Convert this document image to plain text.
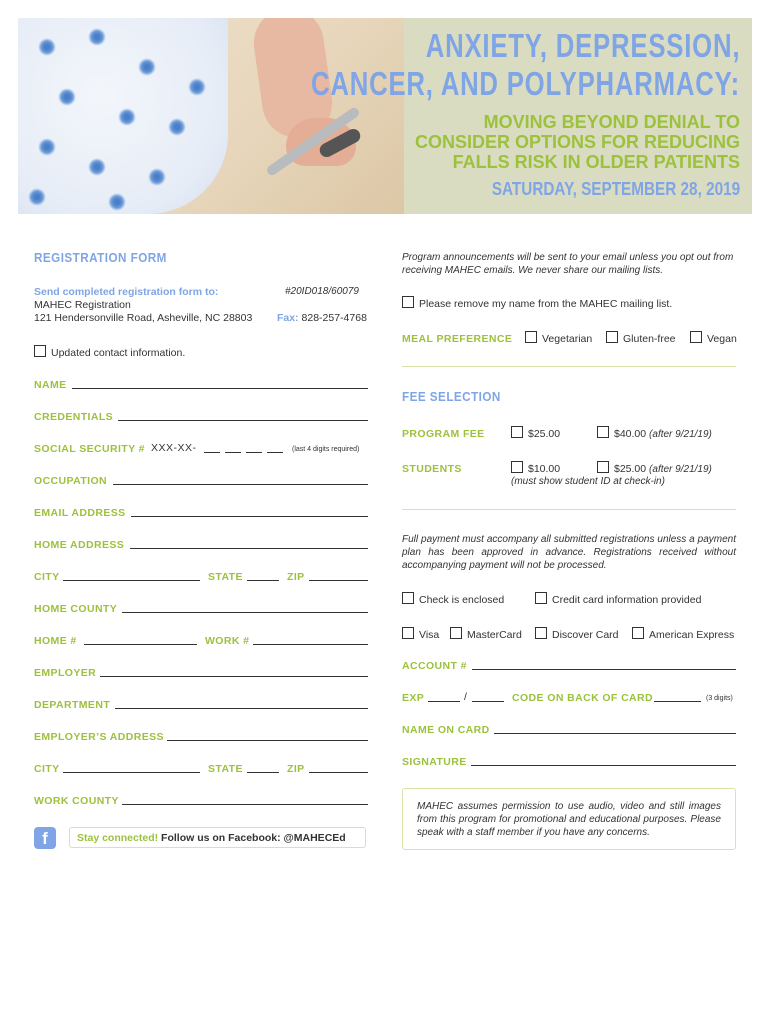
ANXIETY, DEPRESSION,
CANCER, AND POLYPHARMACY:
MOVING BEYOND DENIAL TO
CONSIDER OPTIONS FOR REDUCING
FALLS RISK IN OLDER PATIENTS
SATURDAY, SEPTEMBER 28, 2019
REGISTRATION FORM
Send completed registration form to:	#20ID018/60079
MAHEC Registration
121 Hendersonville Road, Asheville, NC 28803 Fax: 828-257-4768
Updated contact information.
NAME
CREDENTIALS
SOCIAL SECURITY # XXX-XX-	(last 4 digits required)
OCCUPATION
EMAIL ADDRESS
HOME ADDRESS
CITY	STATE	ZIP
HOME COUNTY
HOME #	WORK #
EMPLOYER
DEPARTMENT
EMPLOYER’S ADDRESS
CITY	STATE	ZIP
WORK COUNTY
f	Stay connected! Follow us on Facebook: @MAHECEd
Program announcements will be sent to your email unless you opt out from receiving MAHEC emails. We never share our mailing lists.
Please remove my name from the MAHEC mailing list.
MEAL PREFERENCE	Vegetarian	Gluten-free	Vegan
FEE SELECTION
PROGRAM FEE	$25.00	$40.00 (after 9/21/19)
STUDENTS	$10.00	$25.00 (after 9/21/19)
(must show student ID at check-in)
Full payment must accompany all submitted registrations unless a payment plan has been approved in advance. Registrations received without accompanying payment will not be processed.
Check is enclosed	Credit card information provided
Visa	MasterCard	Discover Card	American Express
ACCOUNT #
EXP	/	CODE ON BACK OF CARD	(3 digits)
NAME ON CARD
SIGNATURE
MAHEC assumes permission to use audio, video and still images from this program for promotional and educational purposes. Please speak with a staff member if you have any concerns.
